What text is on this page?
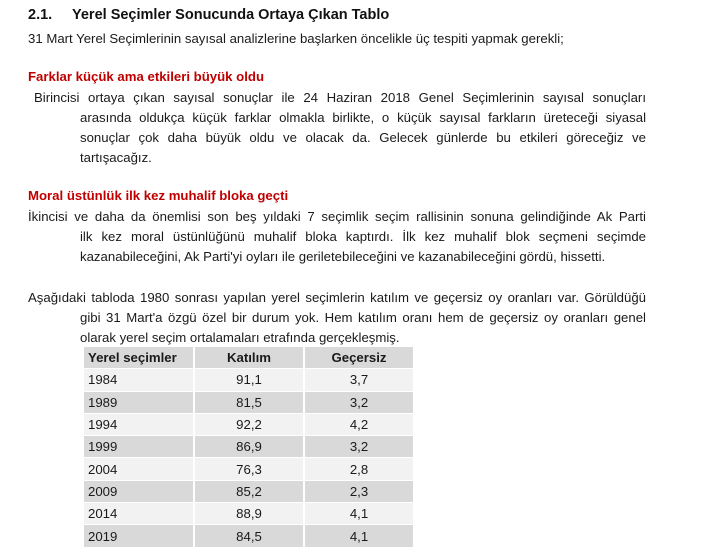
2.1. Yerel Seçimler Sonucunda Ortaya Çıkan Tablo
31 Mart Yerel Seçimlerinin sayısal analizlerine başlarken öncelikle üç tespiti yapmak gerekli;
Farklar küçük ama etkileri büyük oldu
Birincisi ortaya çıkan sayısal sonuçlar ile 24 Haziran 2018 Genel Seçimlerinin sayısal sonuçları
arasında oldukça küçük farklar olmakla birlikte, o küçük sayısal farkların üreteceği siyasal
sonuçlar çok daha büyük oldu ve olacak da. Gelecek günlerde bu etkileri göreceğiz ve
tartışacağız.
Moral üstünlük ilk kez muhalif bloka geçti
İkincisi ve daha da önemlisi son beş yıldaki 7 seçimlik seçim rallisinin sonuna gelindiğinde Ak Parti
ilk kez moral üstünlüğünü muhalif bloka kaptırdı. İlk kez muhalif blok seçmeni seçimde
kazanabileceğini, Ak Parti'yi oyları ile geriletebileceğini ve kazanabileceğini gördü, hissetti.
Aşağıdaki tabloda 1980 sonrası yapılan yerel seçimlerin katılım ve geçersiz oy oranları var. Görüldüğü
gibi 31 Mart'a özgü özel bir durum yok. Hem katılım oranı hem de geçersiz oy oranları genel
olarak yerel seçim ortalamaları etrafında gerçekleşmiş.
Yerel seçimler		Katılım		Geçersiz
1984		91,1		3,7
1989		81,5		3,2
1994		92,2		4,2
1999		86,9		3,2
2004		76,3		2,8
2009		85,2		2,3
2014		88,9		4,1
2019		84,5		4,1
